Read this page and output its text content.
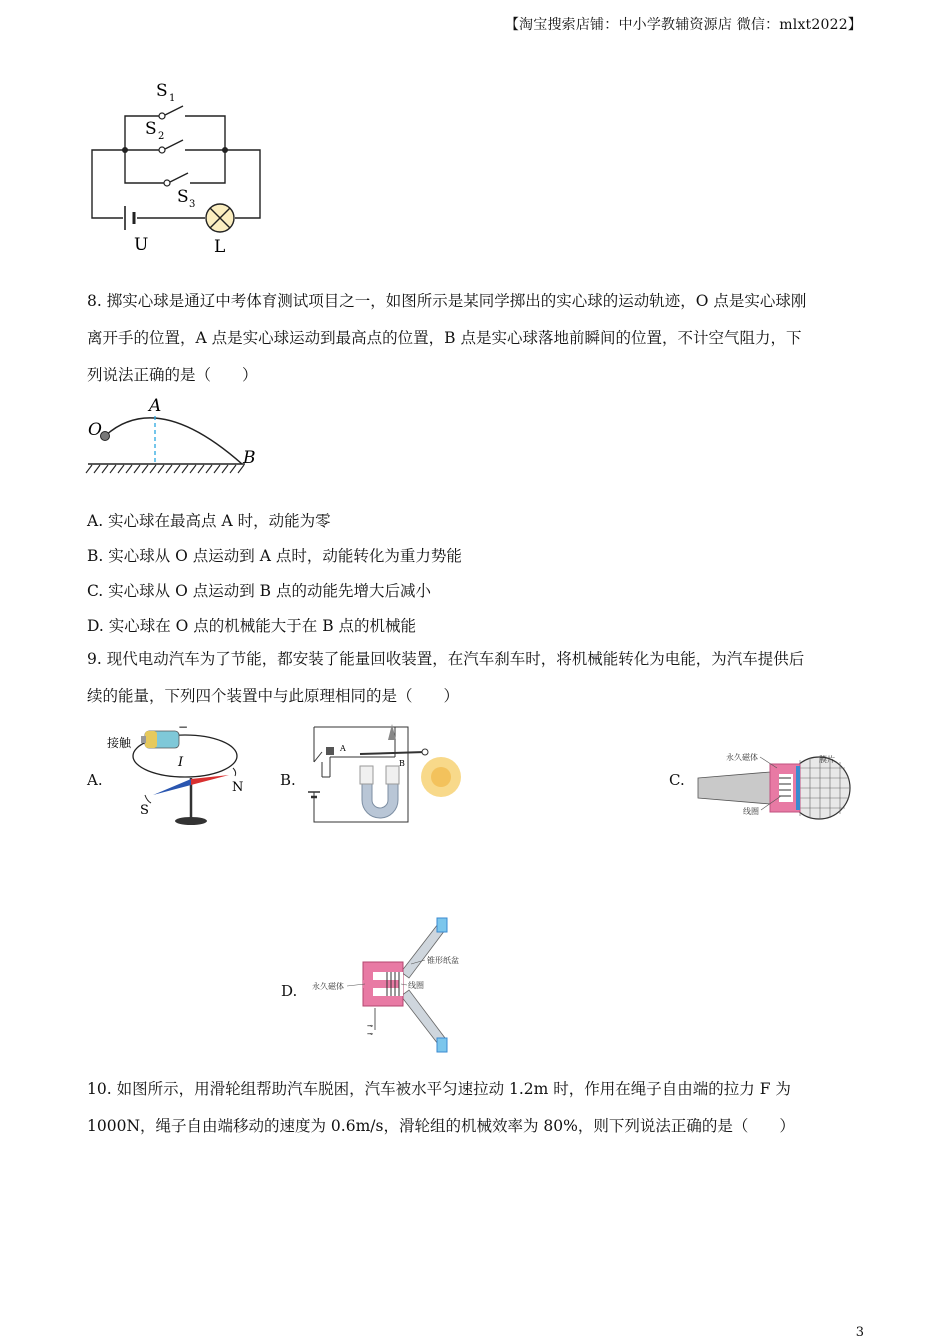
【淘宝搜索店铺：中小学教辅资源店 微信：mlxt2022】
S 1
S 2
S 3
U	L
8. 掷实心球是通辽中考体育测试项目之一，如图所示是某同学掷出的实心球的运动轨迹，O 点是实心球刚
离开手的位置，A 点是实心球运动到最高点的位置，B 点是实心球落地前瞬间的位置，不计空气阻力，下
列说法正确的是（　　）
O
A
B
A. 实心球在最高点 A 时，动能为零
B. 实心球从 O 点运动到 A 点时，动能转化为重力势能
C. 实心球从 O 点运动到 B 点的动能先增大后减小
D. 实心球在 O 点的机械能大于在 B 点的机械能
9. 现代电动汽车为了节能，都安装了能量回收装置，在汽车刹车时，将机械能转化为电能，为汽车提供后
续的能量，下列四个装置中与此原理相同的是（　　）
A.
接触
−
I
S
N B.
A
B
C.
永久磁体	膜片
线圈
D.
⊸
⊸
锥形纸盆
永久磁体	线圈
10. 如图所示，用滑轮组帮助汽车脱困，汽车被水平匀速拉动 1.2m 时，作用在绳子自由端的拉力 F 为
1000N，绳子自由端移动的速度为 0.6m/s，滑轮组的机械效率为 80%，则下列说法正确的是（　　）
3
